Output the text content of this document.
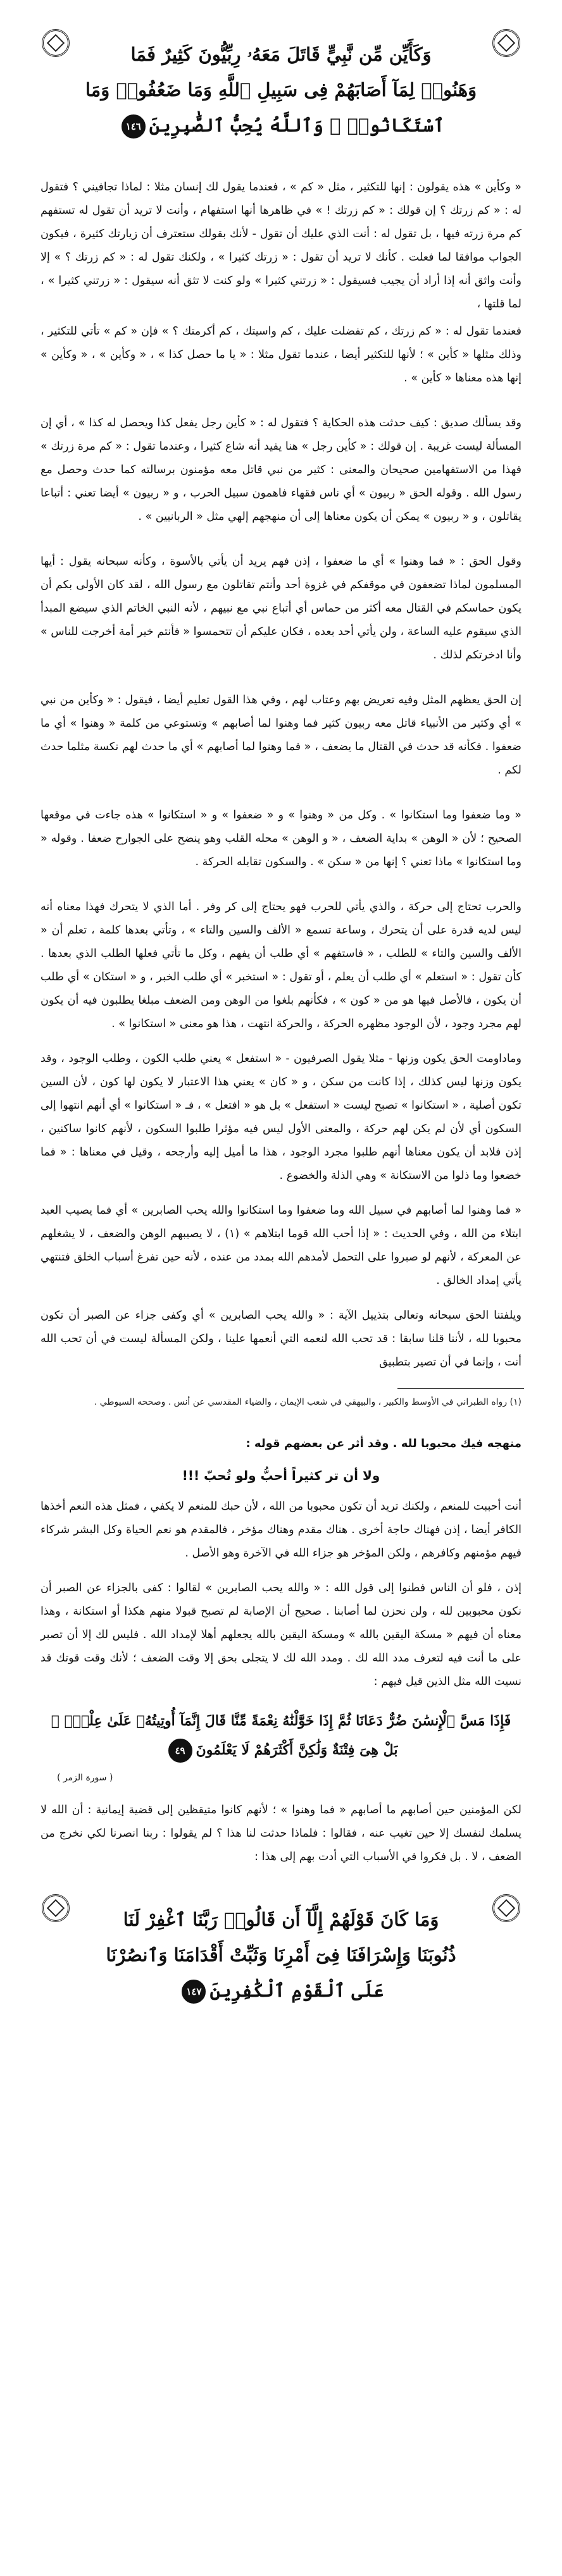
وَكَأَيِّن مِّن نَّبِيٍّ قَاتَلَ مَعَهُۥ رِبِّيُّونَ كَثِيرٌ فَمَا
وَهَنُوا۟ لِمَآ أَصَابَهُمْ فِى سَبِيلِ ٱللَّهِ وَمَا ضَعُفُوا۟ وَمَا
ٱسْتَكَانُوا۟ ۗ وَٱللَّهُ يُحِبُّ ٱلصَّٰبِرِينَ١٤٦

« وكأين » هذه يقولون : إنها للتكثير ، مثل « كم » ، فعندما يقول لك إنسان مثلا : لماذا تجافيني ؟ فتقول له : « كم زرتك ؟ إن قولك : « كم زرتك ! » في ظاهرها أنها استفهام ، وأنت لا تريد أن تقول له تستفهم كم مرة زرته فيها ، بل تقول له : أنت الذي عليك أن تقول - لأنك بقولك ستعترف أن زيارتك كثيرة ، فيكون الجواب موافقا لما فعلت . كأنك لا تريد أن تقول : « زرتك كثيرا » ، ولكنك تقول له : « كم زرتك ؟ » إلا وأنت واثق أنه إذا أراد أن يجيب فسيقول : « زرتني كثيرا » ولو كنت لا تثق أنه سيقول : « زرتني كثيرا » ، لما قلتها ،

فعندما تقول له : « كم زرتك ، كم تفضلت عليك ، كم واسيتك ، كم أكرمتك ؟ » فإن « كم » تأتي للتكثير ، وذلك مثلها « كأين » ؛ لأنها للتكثير أيضا ، عندما تقول مثلا : « يا ما حصل كذا » ، « وكأين » ، « وكأين » إنها هذه معناها « كأين » .

وقد يسألك صديق : كيف حدثت هذه الحكاية ؟ فتقول له : « كأين رجل يفعل كذا ويحصل له كذا » ، أي إن المسألة ليست غريبة . إن قولك : « كأين رجل » هنا يفيد أنه شاع كثيرا ، وعندما تقول : « كم مرة زرتك » فهذا من الاستفهامين صحيحان والمعنى : كثير من نبي قاتل معه مؤمنون برسالته كما حدث وحصل مع رسول الله . وقوله الحق « ربيون » أي ناس فقهاء فاهمون سبيل الحرب ، و « ربيون » أيضا تعني : أتباعا يقاتلون ، و « ربيون » يمكن أن يكون معناها إلى أن منهجهم إلهي مثل « الربانيين » .

وقول الحق : « فما وهنوا » أي ما ضعفوا ، إذن فهم يريد أن يأتي بالأسوة ، وكأنه سبحانه يقول : أيها المسلمون لماذا تضعفون في موقفكم في غزوة أحد وأنتم تقاتلون مع رسول الله ، لقد كان الأولى بكم أن يكون حماسكم في القتال معه أكثر من حماس أي أتباع نبي مع نبيهم ، لأنه النبي الخاتم الذي سيضع المبدأ الذي سيقوم عليه الساعة ، ولن يأتي أحد بعده ، فكان عليكم أن تتحمسوا « فأنتم خير أمة أخرجت للناس » وأنا ادخرتكم لذلك .

إن الحق يعظهم المثل وفيه تعريض بهم وعتاب لهم ، وفي هذا القول تعليم أيضا ، فيقول : « وكأين من نبي » أي وكثير من الأنبياء قاتل معه ربيون كثير فما وهنوا لما أصابهم » وتستوعي من كلمة « وهنوا » أي ما ضعفوا . فكأنه قد حدث في القتال ما يضعف ، « فما وهنوا لما أصابهم » أي ما حدث لهم نكسة مثلما حدث لكم .

« وما ضعفوا وما استكانوا » . وكل من « وهنوا » و « ضعفوا » و « استكانوا » هذه جاءت في موقعها الصحيح ؛ لأن « الوهن » بداية الضعف ، « و الوهن » محله القلب وهو ينضح على الجوارح ضعفا . وقوله « وما استكانوا » ماذا تعني ؟ إنها من « سكن » . والسكون تقابله الحركة .

والحرب تحتاج إلى حركة ، والذي يأتي للحرب فهو يحتاج إلى كر وفر . أما الذي لا يتحرك فهذا معناه أنه ليس لديه قدرة على أن يتحرك ، وساعة تسمع « الألف والسين والتاء » ، وتأتي بعدها كلمة ، تعلم أن « الألف والسين والتاء » للطلب ، « فاستفهم » أي طلب أن يفهم ، وكل ما تأتي فعلها الطلب الذي بعدها . كأن تقول : « استعلم » أي طلب أن يعلم ، أو تقول : « استخبر » أي طلب الخبر ، و « استكان » أي طلب أن يكون ، فالأصل فيها هو من « كون » ، فكأنهم بلغوا من الوهن ومن الضعف مبلغا يطلبون فيه أن يكون لهم مجرد وجود ، لأن الوجود مظهره الحركة ، والحركة انتهت ، هذا هو معنى « استكانوا » .

وماداومت الحق يكون وزنها - مثلا يقول الصرفيون - « استفعل » يعني طلب الكون ، وطلب الوجود ، وقد يكون وزنها ليس كذلك ، إذا كانت من سكن ، و « كان » يعني هذا الاعتبار لا يكون لها كون ، لأن السين تكون أصلية ، « استكانوا » تصبح ليست « استفعل » بل هو « افتعل » ، فـ « استكانوا » أي أنهم انتهوا إلى السكون أي لأن لم يكن لهم حركة ، والمعنى الأول ليس فيه مؤثرا طلبوا السكون ، لأنهم كانوا ساكنين ، إذن فلابد أن يكون معناها أنهم طلبوا مجرد الوجود ، هذا ما أميل إليه وأرجحه ، وقيل في معناها : « فما خضعوا وما ذلوا من الاستكانة » وهي الذلة والخضوع .

« فما وهنوا لما أصابهم في سبيل الله وما ضعفوا وما استكانوا والله يحب الصابرين » أي فما يصيب العبد ابتلاء من الله ، وفي الحديث : « إذا أحب الله قوما ابتلاهم » (١) ، لا يصيبهم الوهن والضعف ، لا يشغلهم عن المعركة ، لأنهم لو صبروا على التحمل لأمدهم الله بمدد من عنده ، لأنه حين تفرغ أسباب الخلق فتنتهي يأتي إمداد الخالق .

ويلفتنا الحق سبحانه وتعالى بتذييل الآية : « والله يحب الصابرين » أي وكفى جزاء عن الصبر أن تكون محبوبا لله ، لأننا قلنا سابقا : قد تحب الله لنعمه التي أنعمها علينا ، ولكن المسألة ليست في أن تحب الله أنت ، وإنما في أن تصير بتطبيق

(١) رواه الطبراني في الأوسط والكبير ، والبيهقي في شعب الإيمان ، والضياء المقدسي عن أنس . وصححه السيوطي .

منهجه فيك محبوبا لله . وقد أثر عن بعضهم قوله :

ولا أن تر كثيراً أحبُّ ولو تُحبّ !!!

أنت أحببت للمنعم ، ولكنك تريد أن تكون محبوبا من الله ، لأن حبك للمنعم لا يكفي ، فمثل هذه النعم أخذها الكافر أيضا ، إذن فهناك حاجة أخرى . هناك مقدم وهناك مؤخر ، فالمقدم هو نعم الحياة وكل البشر شركاء فيهم مؤمنهم وكافرهم ، ولكن المؤخر هو جزاء الله في الآخرة وهو الأصل .

إذن ، فلو أن الناس فطنوا إلى قول الله : « والله يحب الصابرين » لقالوا : كفى بالجزاء عن الصبر أن نكون محبوبين لله ، ولن نحزن لما أصابنا . صحيح أن الإصابة لم تصبح قبولا منهم هكذا أو استكانة ، وهذا معناه أن فيهم « مسكة اليقين بالله » ومسكة اليقين بالله يجعلهم أهلا لإمداد الله . فليس لك إلا أن تصبر على ما أنت فيه لتعرف مدد الله لك . ومدد الله لك لا يتجلى بحق إلا وقت الضعف ؛ لأنك وقت قوتك قد نسيت الله مثل الذين قيل فيهم :

فَإِذَا مَسَّ ٱلْإِنسَٰنَ ضُرٌّ دَعَانَا ثُمَّ إِذَا خَوَّلْنَٰهُ نِعْمَةً مِّنَّا قَالَ إِنَّمَآ أُوتِيتُهُۥ عَلَىٰ عِلْمٍۭ ۚ بَلْ هِىَ فِتْنَةٌ وَلَٰكِنَّ أَكْثَرَهُمْ لَا يَعْلَمُونَ٤٩
( سورة الزمر )

لكن المؤمنين حين أصابهم ما أصابهم « فما وهنوا » ؛ لأنهم كانوا متيقظين إلى قضية إيمانية : أن الله لا يسلمك لنفسك إلا حين تغيب عنه ، فقالوا : فلماذا حدثت لنا هذا ؟ لم يقولوا : ربنا انصرنا لكي نخرج من الضعف ، لا . بل فكروا في الأسباب التي أدت بهم إلى هذا :

وَمَا كَانَ قَوْلَهُمْ إِلَّآ أَن قَالُوا۟ رَبَّنَا ٱغْفِرْ لَنَا
ذُنُوبَنَا وَإِسْرَافَنَا فِىٓ أَمْرِنَا وَثَبِّتْ أَقْدَامَنَا وَٱنصُرْنَا
عَلَى ٱلْقَوْمِ ٱلْكَٰفِرِينَ١٤٧
